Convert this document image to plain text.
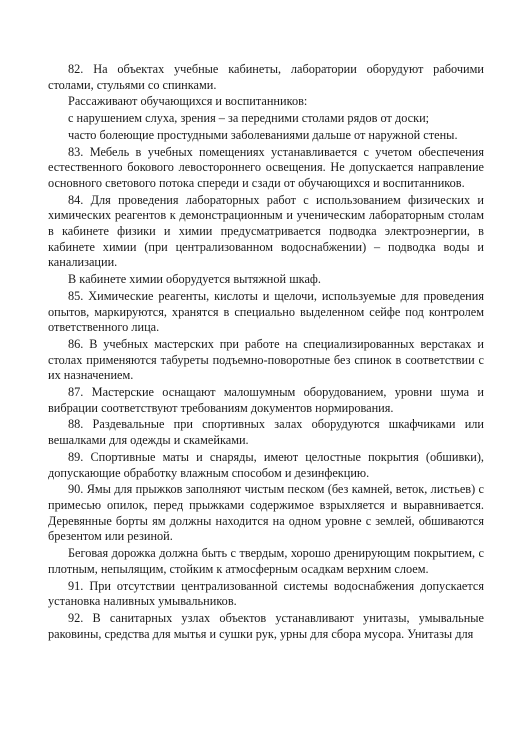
82. На объектах учебные кабинеты, лаборатории оборудуют рабочими столами, стульями со спинками.

Рассаживают обучающихся и воспитанников:

с нарушением слуха, зрения – за передними столами рядов от доски;

часто болеющие простудными заболеваниями дальше от наружной стены.

83. Мебель в учебных помещениях устанавливается с учетом обеспечения естественного бокового левостороннего освещения. Не допускается направление основного светового потока спереди и сзади от обучающихся и воспитанников.

84. Для проведения лабораторных работ с использованием физических и химических реагентов к демонстрационным и ученическим лабораторным столам в кабинете физики и химии предусматривается подводка электроэнергии, в кабинете химии (при централизованном водоснабжении) – подводка воды и канализации.

В кабинете химии оборудуется вытяжной шкаф.

85. Химические реагенты, кислоты и щелочи, используемые для проведения опытов, маркируются, хранятся в специально выделенном сейфе под контролем ответственного лица.

86. В учебных мастерских при работе на специализированных верстаках и столах применяются табуреты подъемно-поворотные без спинок в соответствии с их назначением.

87. Мастерские оснащают малошумным оборудованием, уровни шума и вибрации соответствуют требованиям документов нормирования.

88. Раздевальные при спортивных залах оборудуются шкафчиками или вешалками для одежды и скамейками.

89. Спортивные маты и снаряды, имеют целостные покрытия (обшивки), допускающие обработку влажным способом и дезинфекцию.

90. Ямы для прыжков заполняют чистым песком (без камней, веток, листьев) с примесью опилок, перед прыжками содержимое взрыхляется и выравнивается. Деревянные борты ям должны находится на одном уровне с землей, обшиваются брезентом или резиной.

Беговая дорожка должна быть с твердым, хорошо дренирующим покрытием, с плотным, непылящим, стойким к атмосферным осадкам верхним слоем.

91. При отсутствии централизованной системы водоснабжения допускается установка наливных умывальников.

92. В санитарных узлах объектов устанавливают унитазы, умывальные раковины, средства для мытья и сушки рук, урны для сбора мусора. Унитазы для
